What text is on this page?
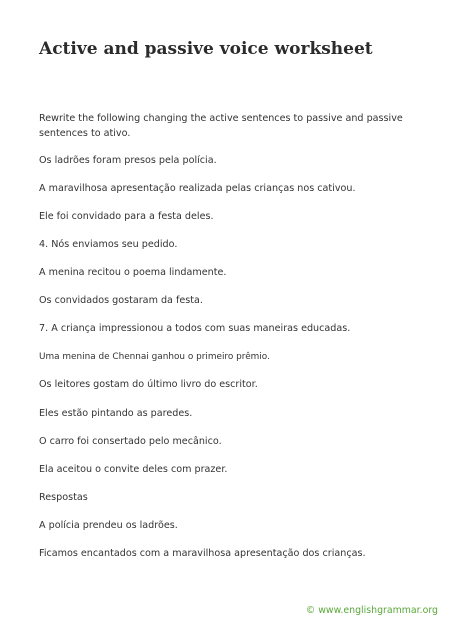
Active and passive voice worksheet

Rewrite the following changing the active sentences to passive and passive sentences to ativo.

Os ladrões foram presos pela polícia.

A maravilhosa apresentação realizada pelas crianças nos cativou.

Ele foi convidado para a festa deles.

4. Nós enviamos seu pedido.

A menina recitou o poema lindamente.

Os convidados gostaram da festa.

7. A criança impressionou a todos com suas maneiras educadas.

Uma menina de Chennai ganhou o primeiro prêmio.

Os leitores gostam do último livro do escritor.

Eles estão pintando as paredes.

O carro foi consertado pelo mecânico.

Ela aceitou o convite deles com prazer.

Respostas

A polícia prendeu os ladrões.

Ficamos encantados com a maravilhosa apresentação dos crianças.

© www.englishgrammar.org
